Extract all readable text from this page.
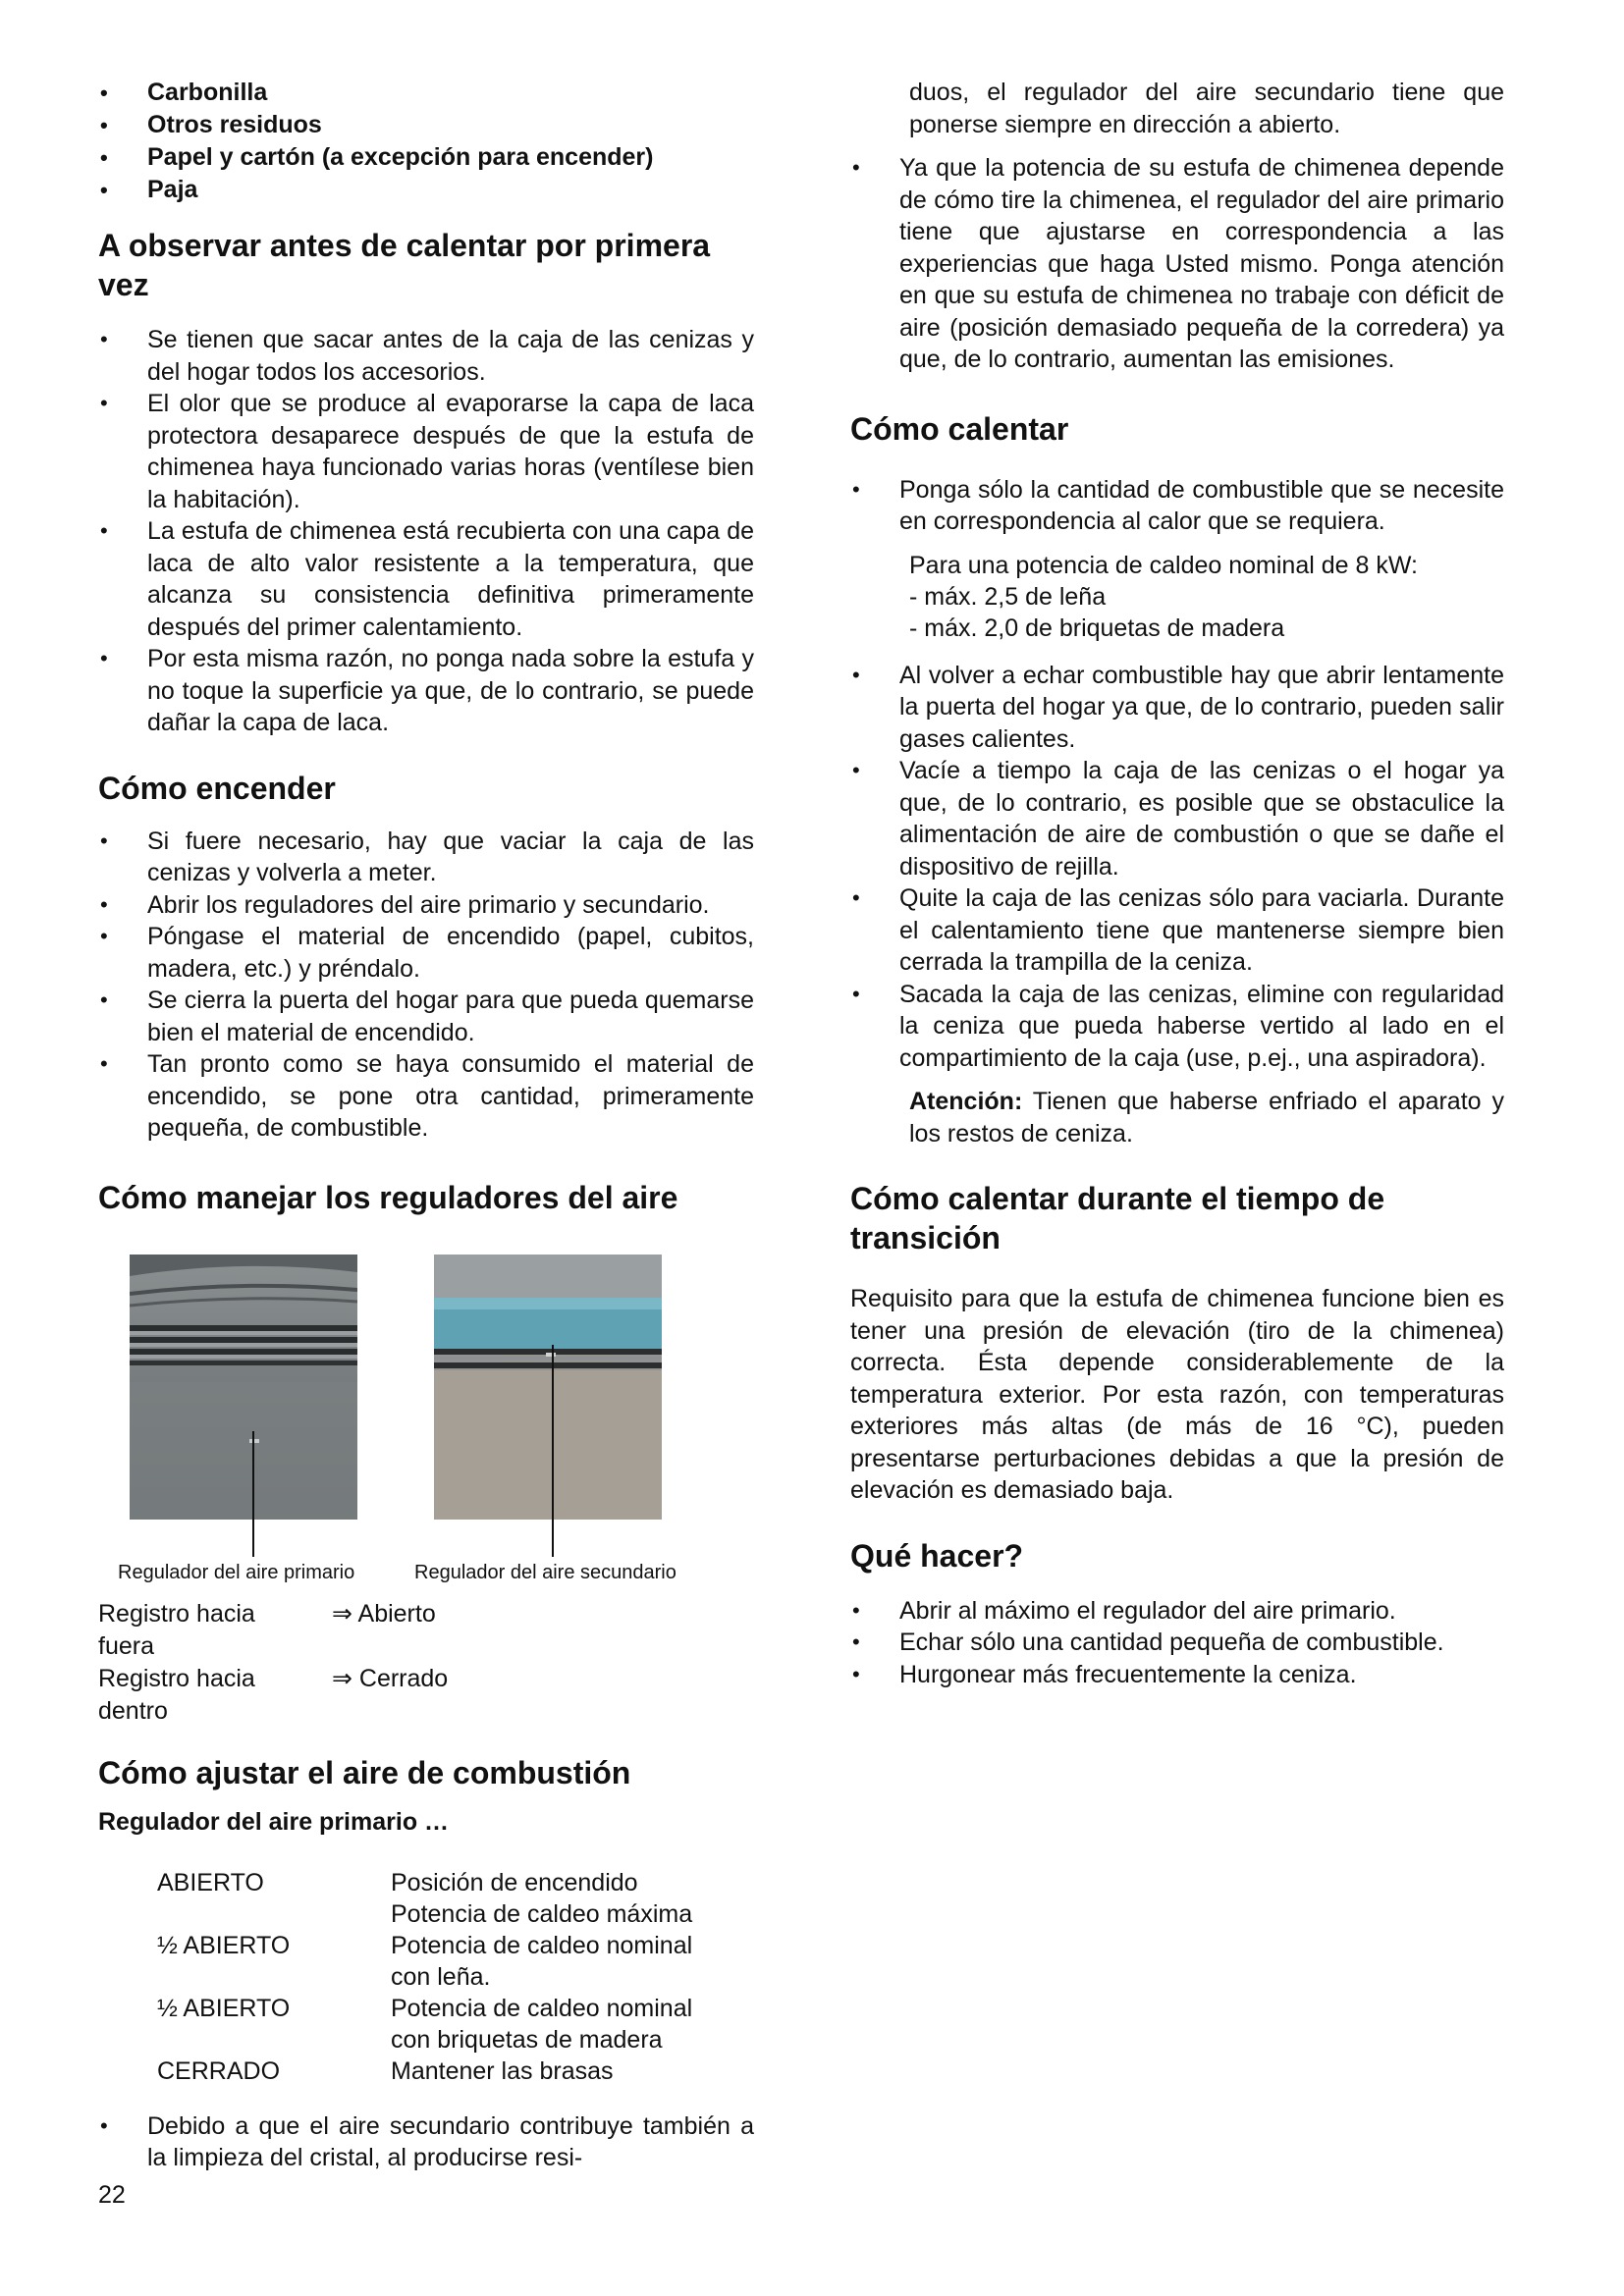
• Carbonilla
• Otros residuos
• Papel y cartón (a excepción para encender)
• Paja
A observar antes de calentar por primera vez
• Se tienen que sacar antes de la caja de las cenizas y del hogar todos los accesorios.
• El olor que se produce al evaporarse la capa de laca protectora desaparece después de que la estufa de chimenea haya funcionado varias horas (ventílese bien la habitación).
• La estufa de chimenea está recubierta con una capa de laca de alto valor resistente a la temperatura, que alcanza su consistencia definitiva primeramente después del primer calentamiento.
• Por esta misma razón, no ponga nada sobre la estufa y no toque la superficie ya que, de lo contrario, se puede dañar la capa de laca.
Cómo encender
• Si fuere necesario, hay que vaciar la caja de las cenizas y volverla a meter.
• Abrir los reguladores del aire primario y secundario.
• Póngase el material de encendido (papel, cubitos, madera, etc.) y préndalo.
• Se cierra la puerta del hogar para que pueda quemarse bien el material de encendido.
• Tan pronto como se haya consumido el material de encendido, se pone otra cantidad, primeramente pequeña, de combustible.
Cómo manejar los reguladores del aire
Regulador del aire primario	Regulador del aire secundario
Registro hacia fuera
⇒ Abierto
Registro hacia dentro
⇒ Cerrado
Cómo ajustar el aire de combustión
Regulador del aire primario …
ABIERTO	Posición de encendido
Potencia de caldeo máxima
½ ABIERTO	Potencia de caldeo nominal
con leña.
½ ABIERTO	Potencia de caldeo nominal
con briquetas de madera
CERRADO	Mantener las brasas
• Debido a que el aire secundario contribuye también a la limpieza del cristal, al producirse resi-

duos, el regulador del aire secundario tiene que ponerse siempre en dirección a abierto.

• Ya que la potencia de su estufa de chimenea depende de cómo tire la chimenea, el regulador del aire primario tiene que ajustarse en correspondencia a las experiencias que haga Usted mismo. Ponga atención en que su estufa de chimenea no trabaje con déficit de aire (posición demasiado pequeña de la corredera) ya que, de lo contrario, aumentan las emisiones.
Cómo calentar
• Ponga sólo la cantidad de combustible que se necesite en correspondencia al calor que se requiera.
Para una potencia de caldeo nominal de 8 kW:
- máx. 2,5 de leña
- máx. 2,0 de briquetas de madera
• Al volver a echar combustible hay que abrir lentamente la puerta del hogar ya que, de lo contrario, pueden salir gases calientes.
• Vacíe a tiempo la caja de las cenizas o el hogar ya que, de lo contrario, es posible que se obstaculice la alimentación de aire de combustión o que se dañe el dispositivo de rejilla.
• Quite la caja de las cenizas sólo para vaciarla. Durante el calentamiento tiene que mantenerse siempre bien cerrada la trampilla de la ceniza.
• Sacada la caja de las cenizas, elimine con regularidad la ceniza que pueda haberse vertido al lado en el compartimiento de la caja (use, p.ej., una aspiradora).

Atención: Tienen que haberse enfriado el aparato y los restos de ceniza.

Cómo calentar durante el tiempo de transición

Requisito para que la estufa de chimenea funcione bien es tener una presión de elevación (tiro de la chimenea) correcta. Ésta depende considerablemente de la temperatura exterior. Por esta razón, con temperaturas exteriores más altas (de más de 16 °C), pueden presentarse perturbaciones debidas a que la presión de elevación es demasiado baja.

Qué hacer?
• Abrir al máximo el regulador del aire primario.
• Echar sólo una cantidad pequeña de combustible.
• Hurgonear más frecuentemente la ceniza.
22
